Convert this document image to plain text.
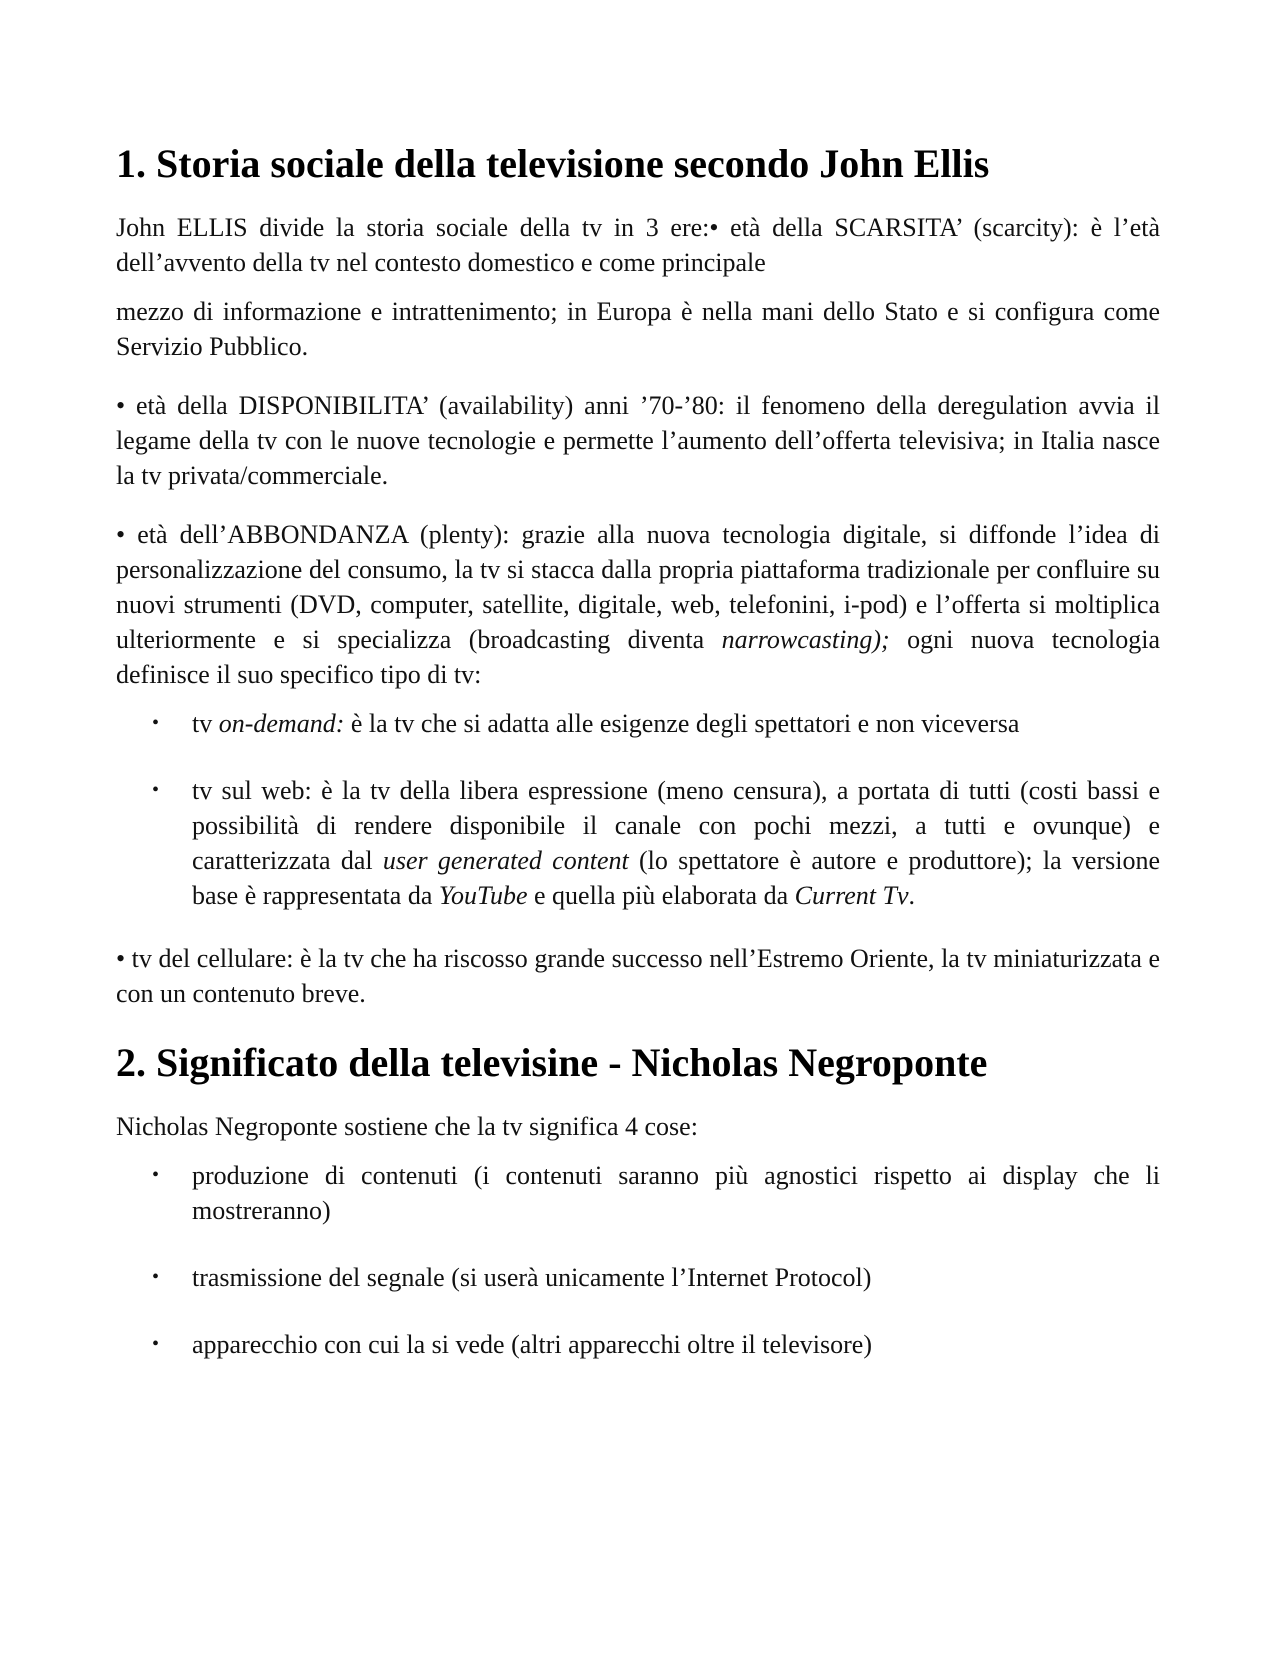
1. Storia sociale della televisione secondo John Ellis

John ELLIS divide la storia sociale della tv in 3 ere:• età della SCARSITA’ (scarcity): è l’età dell’avvento della tv nel contesto domestico e come principale

mezzo di informazione e intrattenimento; in Europa è nella mani dello Stato e si configura come Servizio Pubblico.

• età della DISPONIBILITA’ (availability) anni ’70-’80: il fenomeno della deregulation avvia il legame della tv con le nuove tecnologie e permette l’aumento dell’offerta televisiva; in Italia nasce la tv privata/commerciale.

• età dell’ABBONDANZA (plenty): grazie alla nuova tecnologia digitale, si diffonde l’idea di personalizzazione del consumo, la tv si stacca dalla propria piattaforma tradizionale per confluire su nuovi strumenti (DVD, computer, satellite, digitale, web, telefonini, i-pod) e l’offerta si moltiplica ulteriormente e si specializza (broadcasting diventa narrowcasting); ogni nuova tecnologia definisce il suo specifico tipo di tv:

• tv on-demand: è la tv che si adatta alle esigenze degli spettatori e non viceversa
• tv sul web: è la tv della libera espressione (meno censura), a portata di tutti (costi bassi e possibilità di rendere disponibile il canale con pochi mezzi, a tutti e ovunque) e caratterizzata dal user generated content (lo spettatore è autore e produttore); la versione base è rappresentata da YouTube e quella più elaborata da Current Tv.

• tv del cellulare: è la tv che ha riscosso grande successo nell’Estremo Oriente, la tv miniaturizzata e con un contenuto breve.

2. Significato della televisine - Nicholas Negroponte

Nicholas Negroponte sostiene che la tv significa 4 cose:

• produzione di contenuti (i contenuti saranno più agnostici rispetto ai display che li mostreranno)
• trasmissione del segnale (si userà unicamente l’Internet Protocol)
• apparecchio con cui la si vede (altri apparecchi oltre il televisore)
